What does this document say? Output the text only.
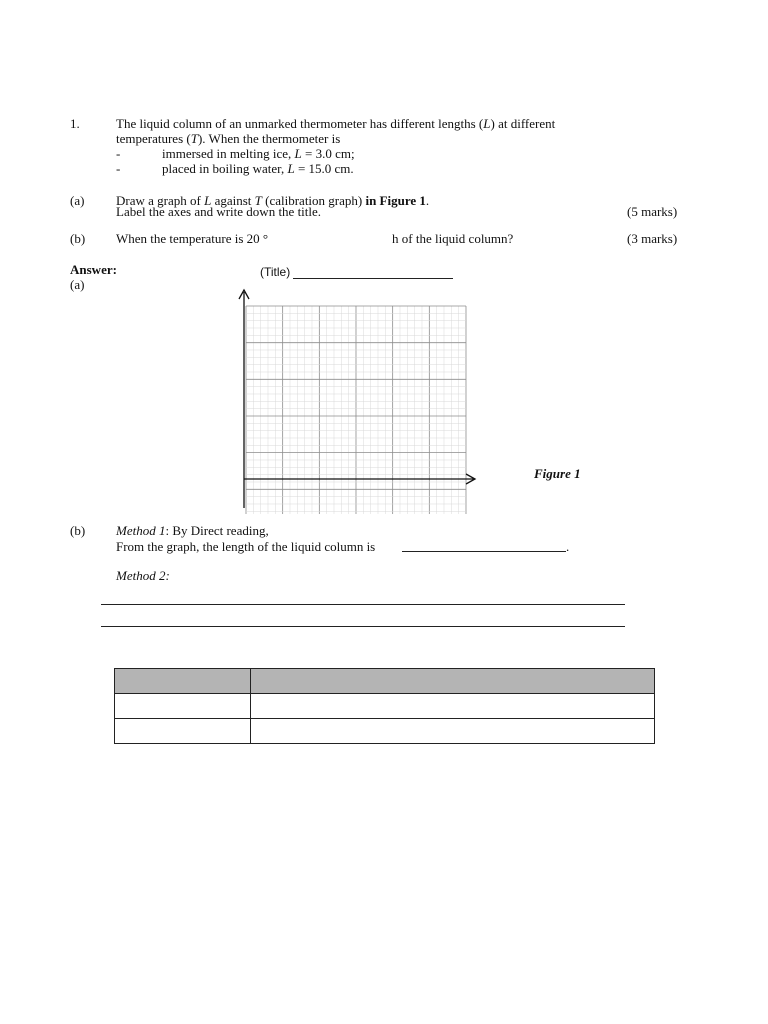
1.	The liquid column of an unmarked thermometer has different lengths (L) at different
temperatures (T). When the thermometer is
-	immersed in melting ice, L = 3.0 cm;
-	placed in boiling water, L = 15.0 cm.
(a) Draw a graph of L against T (calibration graph) in Figure 1.
Label the axes and write down the title.	(5 marks)
(b) When the temperature is 20 °	h of the liquid column?	(3 marks)
Answer:
(a)
(Title)
Figure 1
(b) Method 1: By Direct reading,
From the graph, the length of the liquid column is	.
Method 2:
